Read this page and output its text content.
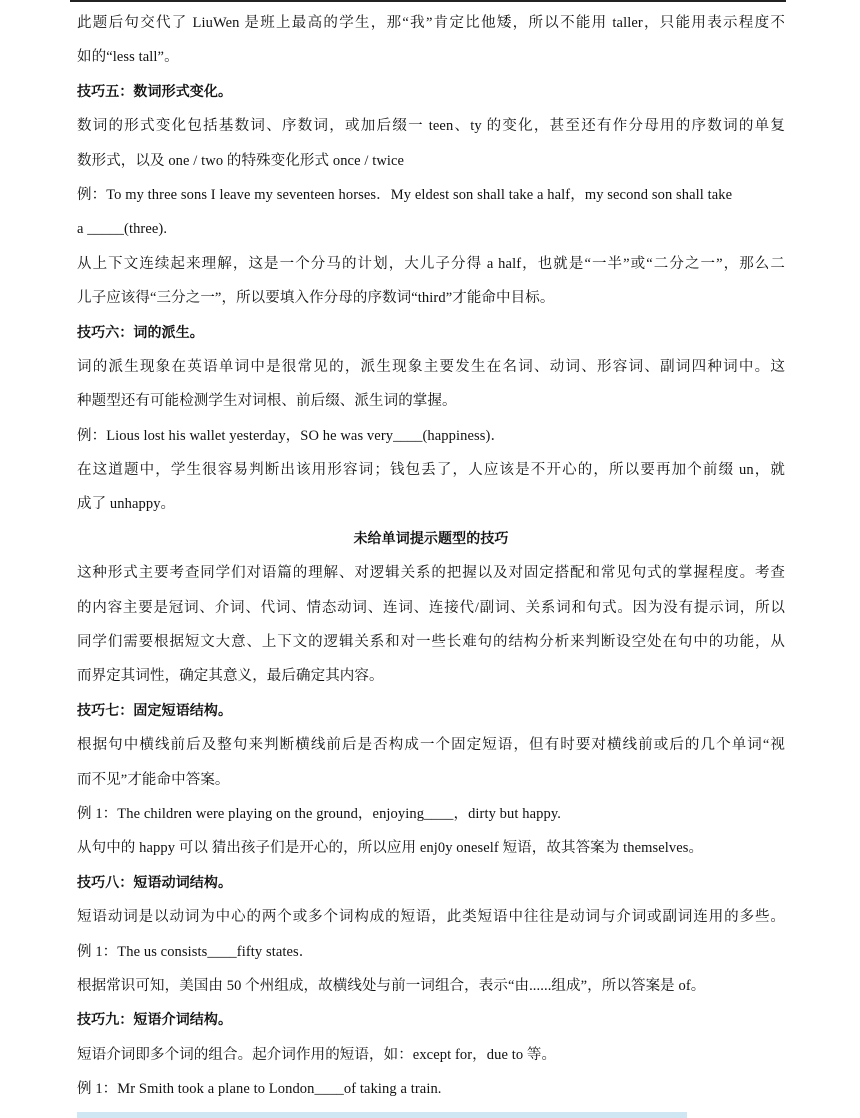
此题后句交代了 LiuWen 是班上最高的学生，那“我”肯定比他矮，所以不能用 taller，只能用表示程度不
如的“less tall”。
技巧五：数词形式变化。
数词的形式变化包括基数词、序数词，或加后缀一 teen、ty 的变化，甚至还有作分母用的序数词的单复
数形式，以及 one / two 的特殊变化形式 once / twice
例：To my three sons I leave my seventeen horses．My eldest son shall take a half，my second son shall take
a _____(three).
从上下文连续起来理解，这是一个分马的计划，大儿子分得 a half，也就是“一半”或“二分之一”，那么二
儿子应该得“三分之一”，所以要填入作分母的序数词“third”才能命中目标。
技巧六：词的派生。
词的派生现象在英语单词中是很常见的，派生现象主要发生在名词、动词、形容词、副词四种词中。这
种题型还有可能检测学生对词根、前后缀、派生词的掌握。
例：Lious lost his wallet yesterday，SO he was very____(happiness)．
在这道题中，学生很容易判断出该用形容词；钱包丢了，人应该是不开心的，所以要再加个前缀 un，就
成了 unhappy。
未给单词提示题型的技巧
这种形式主要考查同学们对语篇的理解、对逻辑关系的把握以及对固定搭配和常见句式的掌握程度。考查
的内容主要是冠词、介词、代词、情态动词、连词、连接代/副词、关系词和句式。因为没有提示词，所以
同学们需要根据短文大意、上下文的逻辑关系和对一些长难句的结构分析来判断设空处在句中的功能，从
而界定其词性，确定其意义，最后确定其内容。
技巧七：固定短语结构。
根据句中横线前后及整句来判断横线前后是否构成一个固定短语，但有时要对横线前或后的几个单词“视
而不见”才能命中答案。
例 1：The children were playing on the ground，enjoying____，dirty but happy.
从句中的 happy 可以 猜出孩子们是开心的，所以应用 enj0y oneself 短语，故其答案为 themselves。
技巧八：短语动词结构。
短语动词是以动词为中心的两个或多个词构成的短语，此类短语中往往是动词与介词或副词连用的多些。
例 1：The us consists____fifty states．
根据常识可知，美国由 50 个州组成，故横线处与前一词组合，表示“由......组成”，所以答案是 of。
技巧九：短语介词结构。
短语介词即多个词的组合。起介词作用的短语，如：except for，due to 等。
例 1：Mr Smith took a plane to London____of taking a train.
